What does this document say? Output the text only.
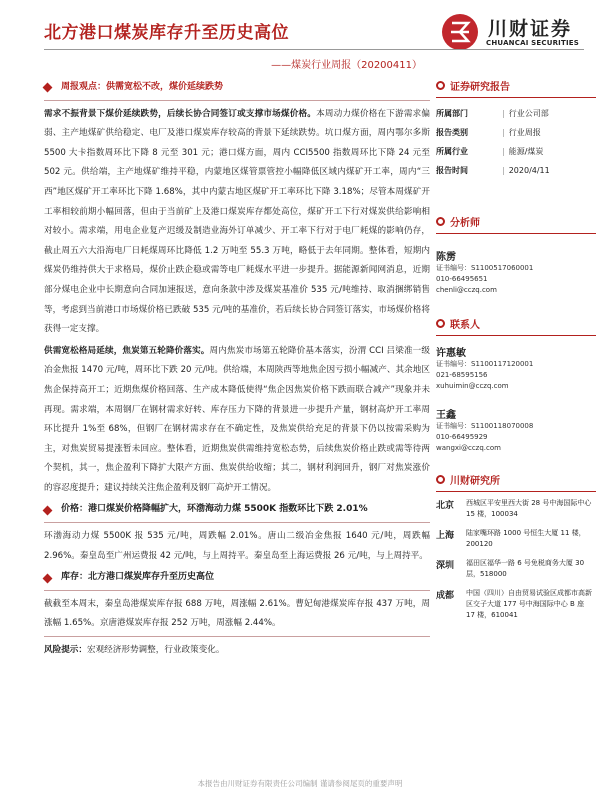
北方港口煤炭库存升至历史高位	川财证券
CHUANCAI SECURITIES
——煤炭行业周报（20200411）
周报观点：供需宽松不改，煤价延续跌势

需求不振背景下煤价延续跌势，后续长协合同签订或支撑市场煤价格。本周动力煤价格在下游需求偏弱、主产地煤矿供给稳定、电厂及港口煤炭库存较高的背景下延续跌势。坑口煤方面，周内鄂尔多斯 5500 大卡指数周环比下降 8 元至 301 元；港口煤方面，周内 CCI5500 指数周环比下降 24 元至 502 元。供给端，主产地煤矿维持平稳，内蒙地区煤管票管控小幅降低区域内煤矿开工率，周内“三西”地区煤矿开工率环比下降 1.68%，其中内蒙古地区煤矿开工率环比下降 3.18%；尽管本周煤矿开工率相较前期小幅回落，但由于当前矿上及港口煤炭库存都处高位，煤矿开工下行对煤炭供给影响相对较小。需求端，用电企业复产迟缓及制造业海外订单减少、开工率下行对于电厂耗煤的影响仍存，截止周五六大沿海电厂日耗煤周环比降低 1.2 万吨至 55.3 万吨，略低于去年同期。整体看，短期内煤炭仍维持供大于求格局，煤价止跌企稳或需等电厂耗煤水平进一步提升。据能源新闻网消息，近期部分煤电企业中长期意向合同加速报送，意向条款中涉及煤炭基准价 535 元/吨维持、取消捆绑销售等，考虑到当前港口市场煤价格已跌破 535 元/吨的基准价，若后续长协合同签订落实，市场煤价格将获得一定支撑。

供需宽松格局延续，焦炭第五轮降价落实。周内焦炭市场第五轮降价基本落实，汾渭 CCI 吕梁准一级冶金焦报 1470 元/吨，周环比下跌 20 元/吨。供给端，本周陕西等地焦企因亏损小幅减产、其余地区焦企保持高开工；近期焦煤价格回落、生产成本降低使得“焦企因焦炭价格下跌而联合减产”现象并未再现。需求端，本周钢厂在钢材需求好转、库存压力下降的背景进一步提升产量，钢材高炉开工率周环比提升 1%至 68%，但钢厂在钢材需求存在不确定性，及焦炭供给充足的背景下仍以按需采购为主，对焦炭贸易提涨暂未回应。整体看，近期焦炭供需维持宽松态势，后续焦炭价格止跌或需等待两个契机，其一，焦企盈利下降扩大限产方面、焦炭供给收缩；其二，钢材利润回升，钢厂对焦炭涨价的容忍度提升；建议持续关注焦企盈利及钢厂高炉开工情况。

价格：港口煤炭价格降幅扩大，环渤海动力煤 5500K 指数环比下跌 2.01%

环渤海动力煤 5500K 报 535 元/吨，周跌幅 2.01%。唐山二级冶金焦报 1640 元/吨，周跌幅 2.96%。秦皇岛至广州运费报 42 元/吨，与上周持平。秦皇岛至上海运费报 26 元/吨，与上周持平。

库存：北方港口煤炭库存升至历史高位

截截至本周末，秦皇岛港煤炭库存报 688 万吨，周涨幅 2.61%。曹妃甸港煤炭库存报 437 万吨，周涨幅 1.65%。京唐港煤炭库存报 252 万吨，周涨幅 2.44%。

风险提示：宏观经济形势调整，行业政策变化。

证券研究报告
所属部门	| 行业公司部
报告类别	| 行业周报
所属行业	| 能源/煤炭
报告时间	| 2020/4/11
分析师
陈雳
证书编号：S1100517060001
010-66495651
chenli@cczq.com
联系人
许惠敏
证书编号：S1100117120001
021-68595156
xuhuimin@cczq.com
王鑫
证书编号：S1100118070008
010-66495929
wangxi@cczq.com
川财研究所
北京	西城区平安里西大街 28 号中海国际中心 15 楼，100034
上海	陆家嘴环路 1000 号恒生大厦 11 楼，200120
深圳	福田区福华一路 6 号免税商务大厦 30 层，518000
成都	中国（四川）自由贸易试验区成都市高新区交子大道 177 号中海国际中心 B 座 17 楼，610041
本报告由川财证券有限责任公司编制 谨请参阅尾页的重要声明
